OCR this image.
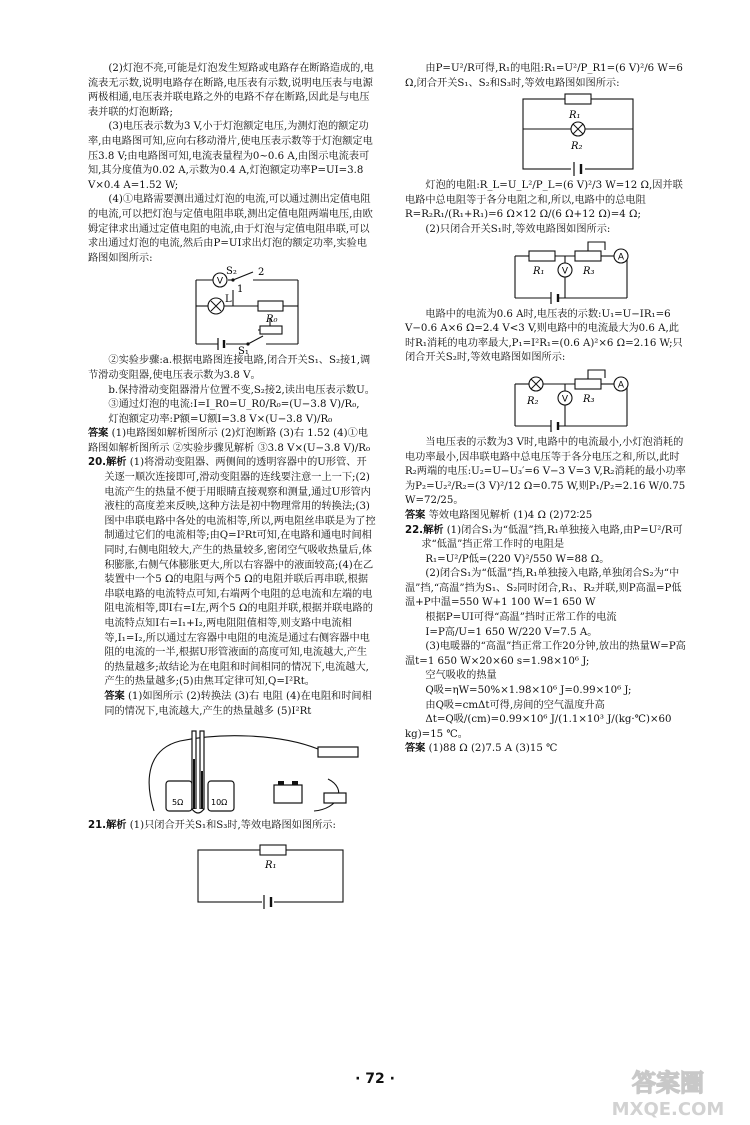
(2)灯泡不亮,可能是灯泡发生短路或电路存在断路造成的,电流表无示数,说明电路存在断路,电压表有示数,说明电压表与电源两极相通,电压表并联电路之外的电路不存在断路,因此是与电压表并联的灯泡断路;

(3)电压表示数为3 V,小于灯泡额定电压,为测灯泡的额定功率,由电路图可知,应向右移动滑片,使电压表示数等于灯泡额定电压3.8 V;由电路图可知,电流表量程为0~0.6 A,由图示电流表可知,其分度值为0.02 A,示数为0.4 A,灯泡额定功率P=UI=3.8 V×0.4 A=1.52 W;

(4)①电路需要测出通过灯泡的电流,可以通过测出定值电阻的电流,可以把灯泡与定值电阻串联,测出定值电阻两端电压,由欧姆定律求出通过定值电阻的电流,由于灯泡与定值电阻串联,可以求出通过灯泡的电流,然后由P=UI求出灯泡的额定功率,实验电路图如图所示:

V
S₂ 2
1
L
R₀
S₁

②实验步骤:a.根据电路图连接电路,闭合开关S₁、S₂接1,调节滑动变阻器,使电压表示数为3.8 V。

b.保持滑动变阻器滑片位置不变,S₂接2,读出电压表示数U。

③通过灯泡的电流:I=I_R0=U_R0/R₀=(U−3.8 V)/R₀,

灯泡额定功率:P额=U额I=3.8 V×(U−3.8 V)/R₀

答案 (1)电路图如解析图所示 (2)灯泡断路 (3)右 1.52 (4)①电路图如解析图所示 ②实验步骤见解析 ③3.8 V×(U−3.8 V)/R₀

20.解析 (1)将滑动变阻器、两侧间的透明容器中的U形管、开关逐一顺次连接即可,滑动变阻器的连线要注意一上一下;(2)电流产生的热量不便于用眼睛直接观察和测量,通过U形管内液柱的高度差来反映,这种方法是初中物理常用的转换法;(3)图中串联电路中各处的电流相等,所以,两电阻丝串联是为了控制通过它们的电流相等;由Q=I²Rt可知,在电路和通电时间相同时,右侧电阻较大,产生的热量较多,密闭空气吸收热量后,体积膨胀,右侧气体膨胀更大,所以右容器中的液面较高;(4)在乙装置中一个5 Ω的电阻与两个5 Ω的电阻并联后再串联,根据串联电路的电流特点可知,右端两个电阻的总电流和左端的电阻电流相等,即I右=I左,两个5 Ω的电阻并联,根据并联电路的电流特点知I右=I₁+I₂,两电阻阻值相等,则支路中电流相等,I₁=I₂,所以通过左容器中电阻的电流是通过右侧容器中电阻的电流的一半,根据U形管液面的高度可知,电流越大,产生的热量越多;故结论为在电阻和时间相同的情况下,电流越大,产生的热量越多;(5)由焦耳定律可知,Q=I²Rt。

答案 (1)如图所示 (2)转换法 (3)右 电阻 (4)在电阻和时间相同的情况下,电流越大,产生的热量越多 (5)I²Rt

5Ω	10Ω

21.解析 (1)只闭合开关S₁和S₃时,等效电路图如图所示:

R₁

由P=U²/R可得,R₁的电阻:R₁=U²/P_R1=(6 V)²/6 W=6 Ω,闭合开关S₁、S₂和S₃时,等效电路图如图所示:

R₁
R₂

灯泡的电阻:R_L=U_L²/P_L=(6 V)²/3 W=12 Ω,因并联电路中总电阻等于各分电阻之和,所以,电路中的总电阻R=R₂R₁/(R₁+R₁)=6 Ω×12 Ω/(6 Ω+12 Ω)=4 Ω;

(2)只闭合开关S₁时,等效电路图如图所示:

A
V
R₁	R₃

电路中的电流为0.6 A时,电压表的示数:U₁=U−IR₁=6 V−0.6 A×6 Ω=2.4 V<3 V,则电路中的电流最大为0.6 A,此时R₁消耗的电功率最大,P₁=I²R₁=(0.6 A)²×6 Ω=2.16 W;只闭合开关S₂时,等效电路图如图所示:

A
V
R₂	R₃

当电压表的示数为3 V时,电路中的电流最小,小灯泡消耗的电功率最小,因串联电路中总电压等于各分电压之和,所以,此时R₂两端的电压:U₂=U−U₃′=6 V−3 V=3 V,R₂消耗的最小功率为P₂=U₂²/R₂=(3 V)²/12 Ω=0.75 W,则P₁/P₂=2.16 W/0.75 W=72/25。

答案 等效电路图见解析 (1)4 Ω (2)72∶25

22.解析 (1)闭合S₁为“低温”挡,R₁单独接入电路,由P=U²/R可求“低温”挡正常工作时的电阻是

R₁=U²/P低=(220 V)²/550 W=88 Ω。

(2)闭合S₁为“低温”挡,R₁单独接入电路,单独闭合S₂为“中温”挡,“高温”挡为S₁、S₂同时闭合,R₁、R₂并联,则P高温=P低温+P中温=550 W+1 100 W=1 650 W

根据P=UI可得“高温”挡时正常工作的电流

I=P高/U=1 650 W/220 V=7.5 A。

(3)电暖器的“高温”挡正常工作20分钟,放出的热量W=P高温t=1 650 W×20×60 s=1.98×10⁶ J;

空气吸收的热量

Q吸=ηW=50%×1.98×10⁶ J=0.99×10⁶ J;

由Q吸=cmΔt可得,房间的空气温度升高

Δt=Q吸/(cm)=0.99×10⁶ J/(1.1×10³ J/(kg·℃)×60 kg)=15 ℃。

答案 (1)88 Ω (2)7.5 A (3)15 ℃

· 72 ·	答案圈
MXQE.COM
